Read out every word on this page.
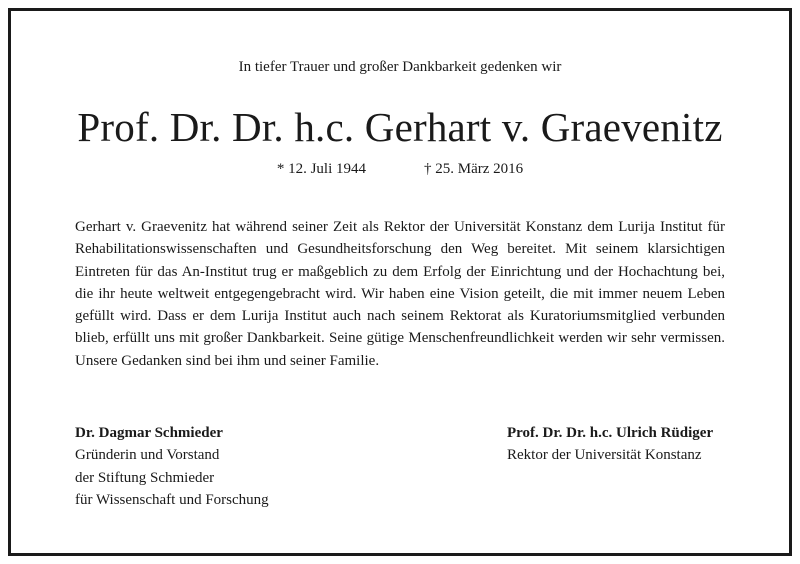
In tiefer Trauer und großer Dankbarkeit gedenken wir
Prof. Dr. Dr. h.c. Gerhart v. Graevenitz
* 12. Juli 1944	† 25. März 2016
Gerhart v. Graevenitz hat während seiner Zeit als Rektor der Universität Konstanz dem Lurija Institut für Rehabilitationswissenschaften und Gesundheitsforschung den Weg bereitet. Mit seinem klarsichtigen Eintreten für das An-Institut trug er maßgeblich zu dem Erfolg der Einrichtung und der Hochachtung bei, die ihr heute weltweit entgegengebracht wird. Wir haben eine Vision geteilt, die mit immer neuem Leben gefüllt wird. Dass er dem Lurija Institut auch nach seinem Rektorat als Kuratoriumsmitglied verbunden blieb, erfüllt uns mit großer Dankbarkeit. Seine gütige Menschenfreundlichkeit werden wir sehr vermissen. Unsere Gedanken sind bei ihm und seiner Familie.
Dr. Dagmar Schmieder
Gründerin und Vorstand
der Stiftung Schmieder
für Wissenschaft und Forschung
Prof. Dr. Dr. h.c. Ulrich Rüdiger
Rektor der Universität Konstanz
